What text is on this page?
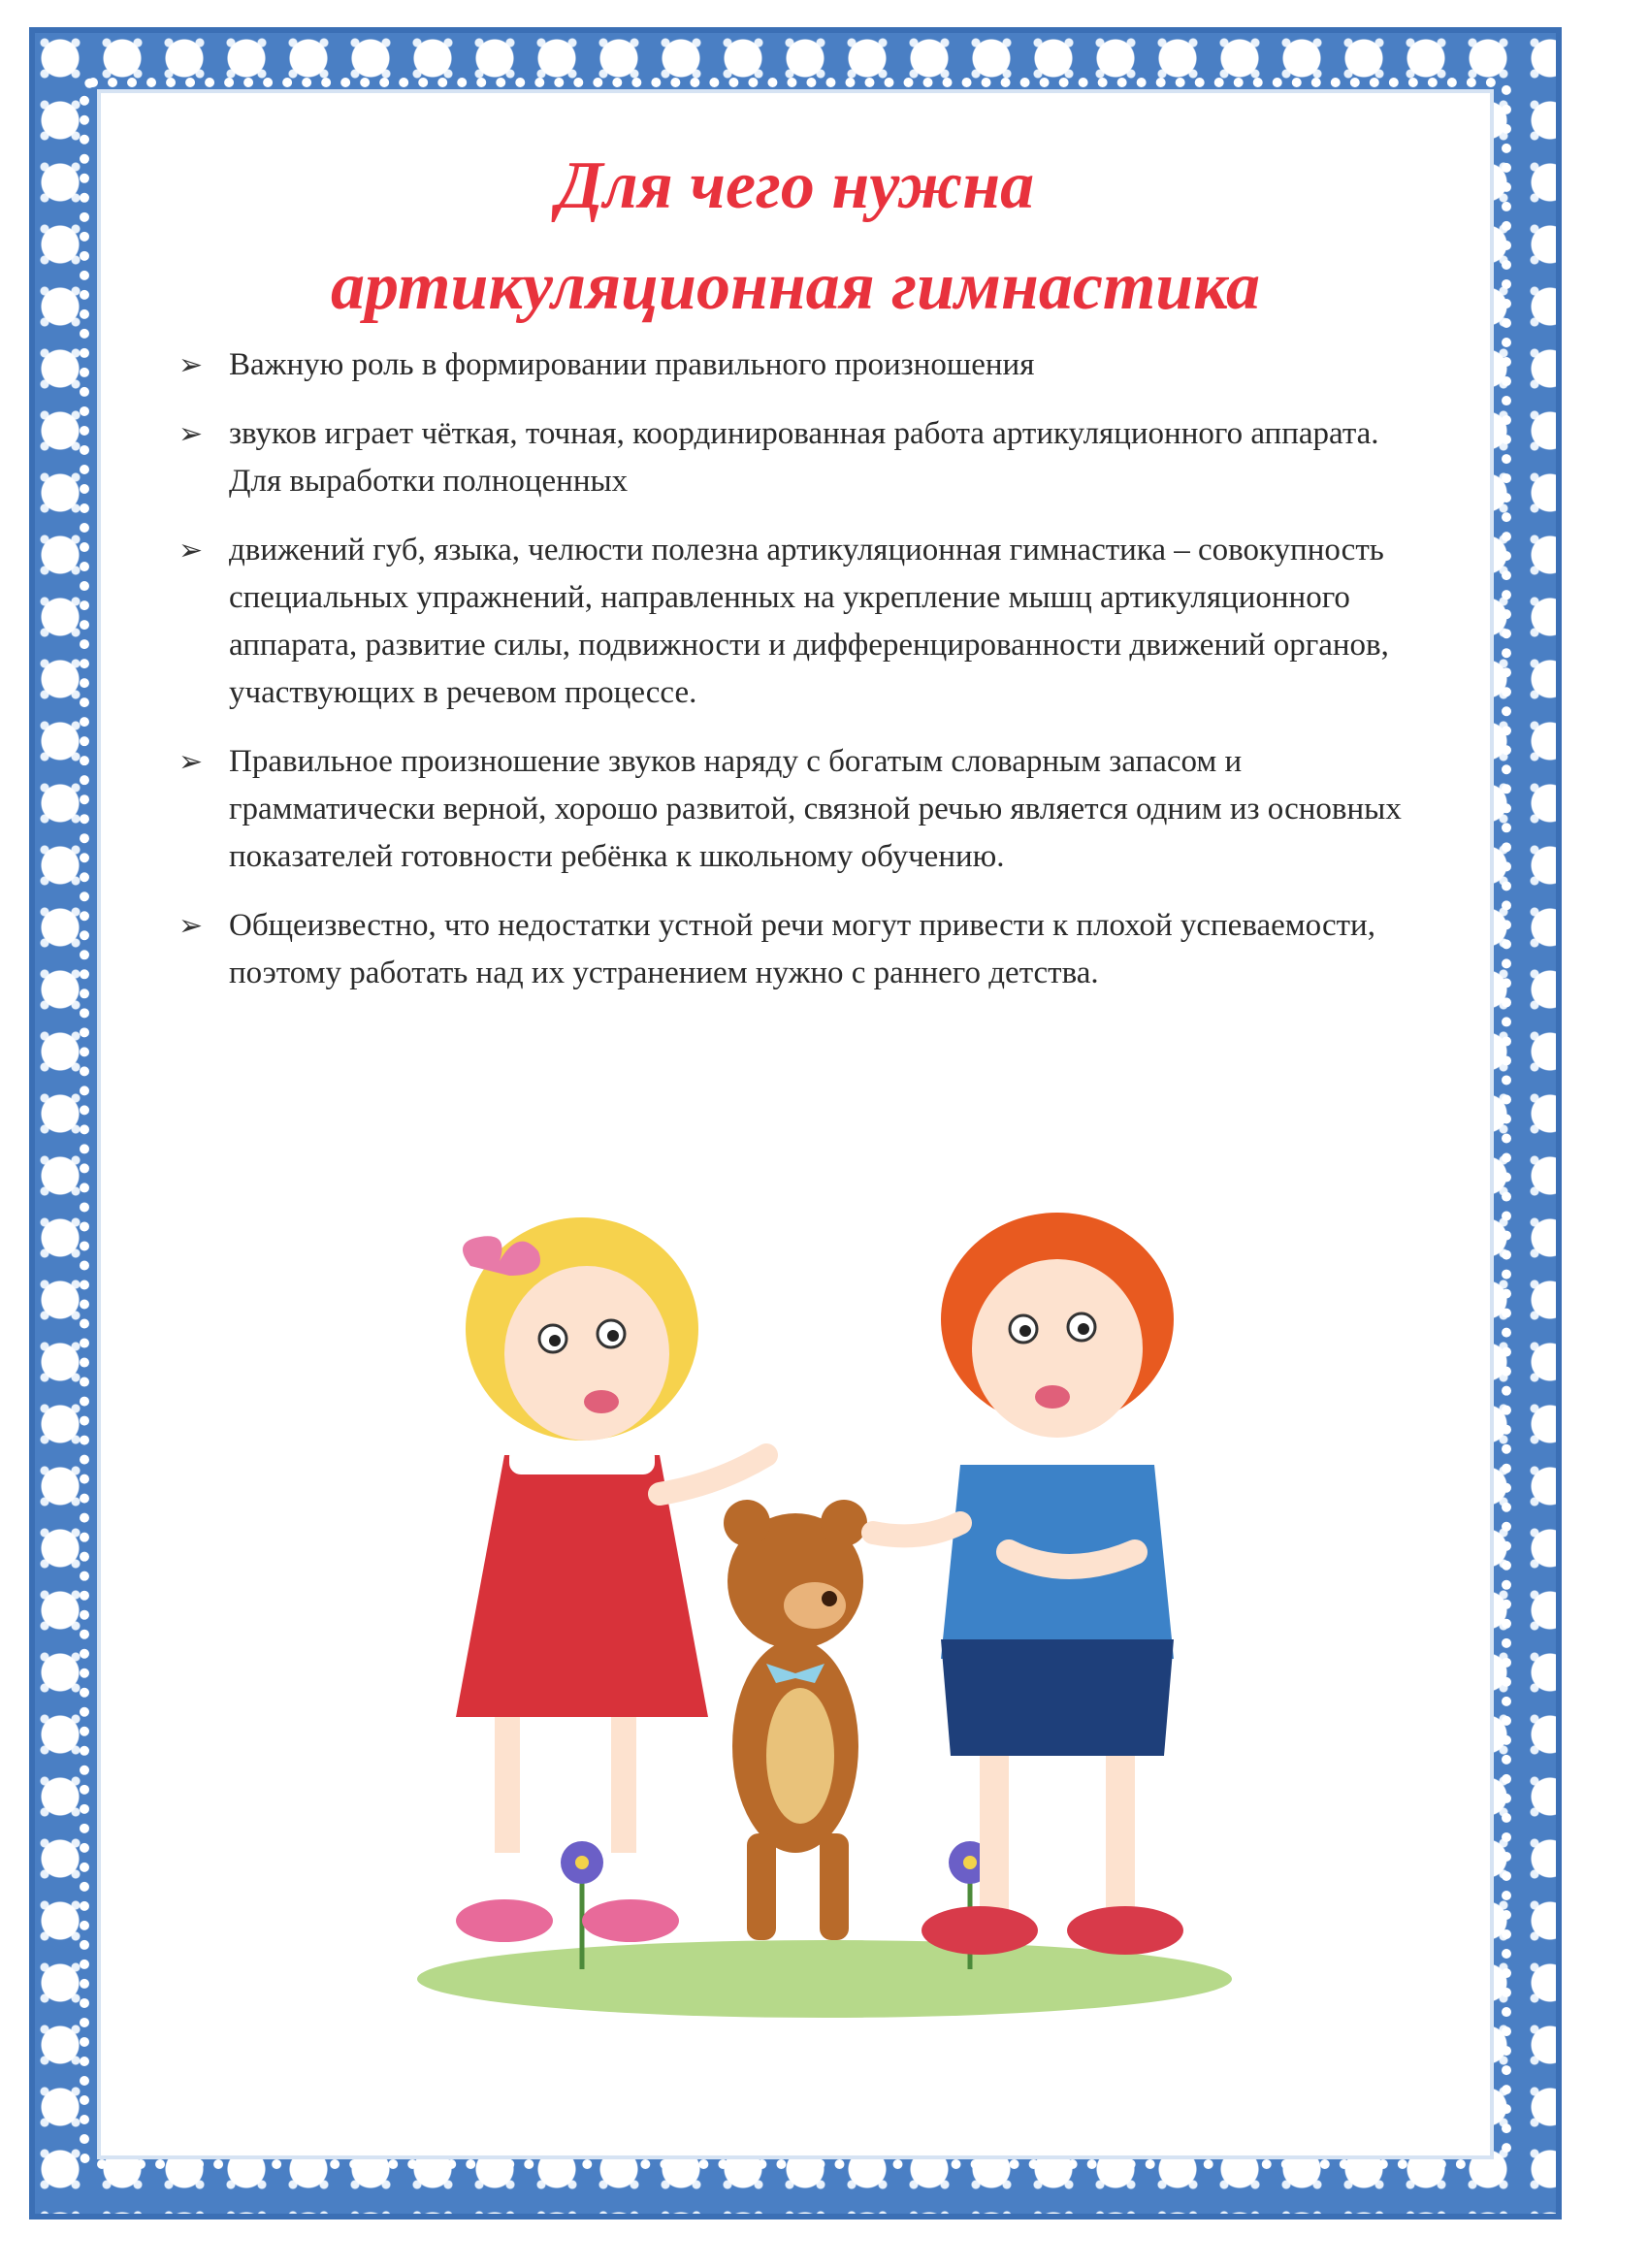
Для чего нужна
артикуляционная гимнастика
➢ Важную роль в формировании правильного произношения
➢ звуков играет чёткая, точная, координированная работа артикуляционного аппарата. Для выработки полноценных
➢ движений губ, языка, челюсти полезна артикуляционная гимнастика – совокупность специальных упражнений, направленных на укрепление мышц артикуляционного аппарата, развитие силы, подвижности и дифференцированности движений органов, участвующих в речевом процессе.
➢ Правильное произношение звуков наряду с богатым словарным запасом и грамматически верной, хорошо развитой, связной речью является одним из основных показателей готовности ребёнка к школьному обучению.
➢ Общеизвестно, что недостатки устной речи могут привести к плохой успеваемости, поэтому работать над их устранением нужно с раннего детства.
